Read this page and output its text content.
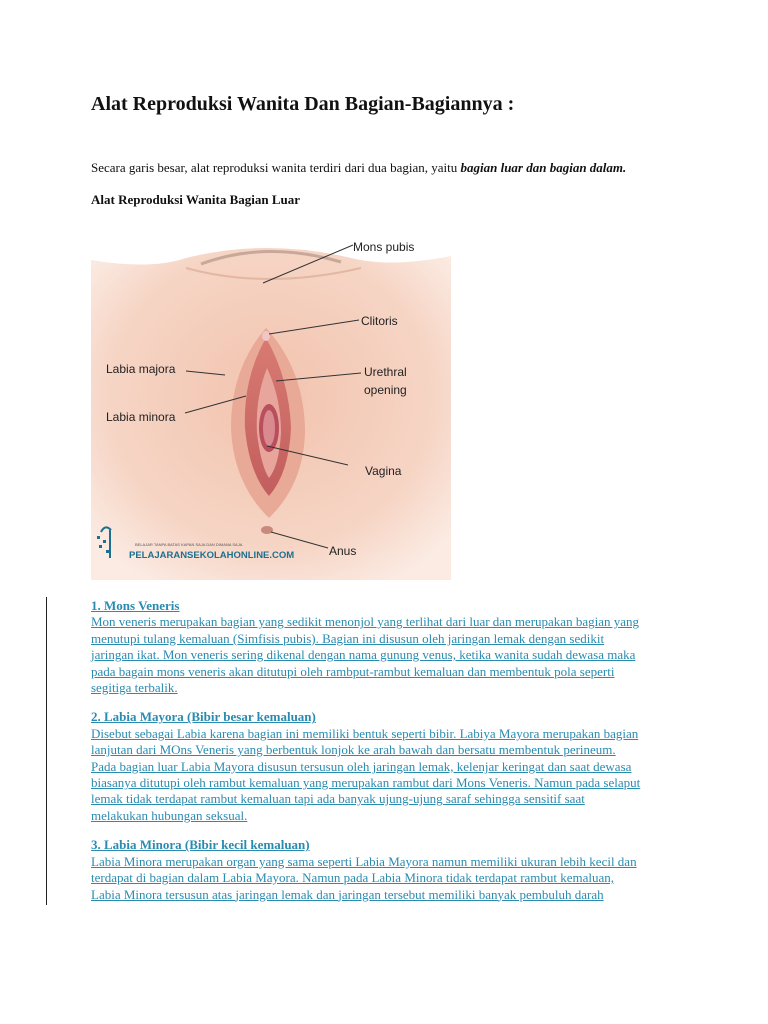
Alat Reproduksi Wanita Dan Bagian-Bagiannya :
Secara garis besar, alat reproduksi wanita terdiri dari dua bagian, yaitu bagian luar dan bagian dalam.
Alat Reproduksi Wanita Bagian Luar
Mons pubis
Clitoris
Labia majora	Urethral
opening
Labia minora
Vagina
Anus
BELAJAR TANPA BATAS KAPAN SAJA DAN DIMANA SAJA
PELAJARANSEKOLAHONLINE.COM
1. Mons Veneris
Mon veneris merupakan bagian yang sedikit menonjol yang terlihat dari luar dan merupakan bagian yang
menutupi tulang kemaluan (Simfisis pubis). Bagian ini disusun oleh jaringan lemak dengan sedikit
jaringan ikat. Mon veneris sering dikenal dengan nama gunung venus, ketika wanita sudah dewasa maka
pada bagain mons veneris akan ditutupi oleh rambput-rambut kemaluan dan membentuk pola seperti
segitiga terbalik.
2. Labia Mayora (Bibir besar kemaluan)
Disebut sebagai Labia karena bagian ini memiliki bentuk seperti bibir. Labiya Mayora merupakan bagian
lanjutan dari MOns Veneris yang berbentuk lonjok ke arah bawah dan bersatu membentuk perineum.
Pada bagian luar Labia Mayora disusun tersusun oleh jaringan lemak, kelenjar keringat dan saat dewasa
biasanya ditutupi oleh rambut kemaluan yang merupakan rambut dari Mons Veneris. Namun pada selaput
lemak tidak terdapat rambut kemaluan tapi ada banyak ujung-ujung saraf sehingga sensitif saat
melakukan hubungan seksual.
3. Labia Minora (Bibir kecil kemaluan)
Labia Minora merupakan organ yang sama seperti Labia Mayora namun memiliki ukuran lebih kecil dan
terdapat di bagian dalam Labia Mayora. Namun pada Labia Minora tidak terdapat rambut kemaluan,
Labia Minora tersusun atas jaringan lemak dan jaringan tersebut memiliki banyak pembuluh darah
